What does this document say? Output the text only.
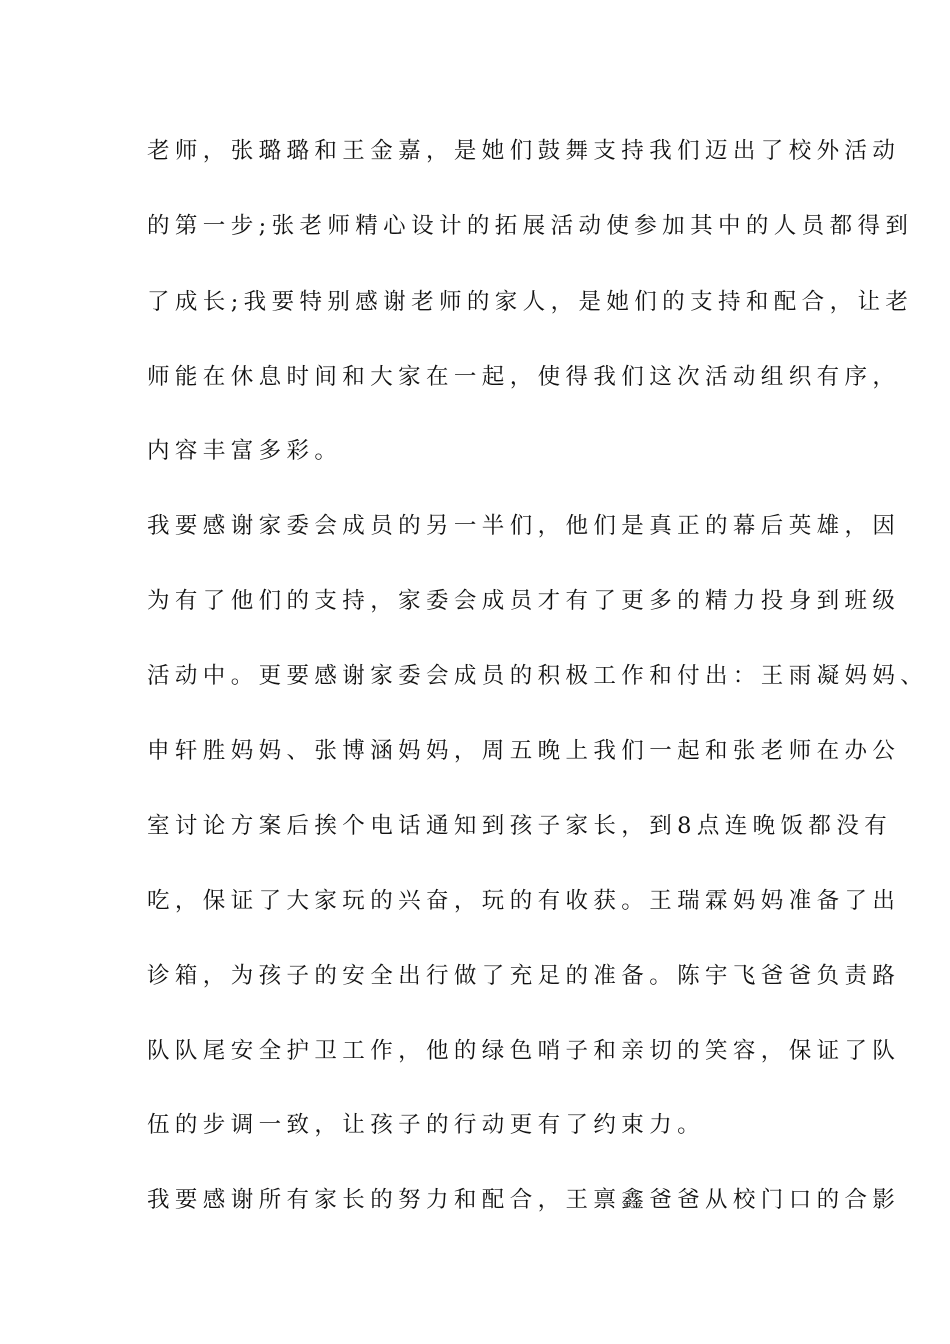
老师，张璐璐和王金嘉，是她们鼓舞支持我们迈出了校外活动
的第一步;张老师精心设计的拓展活动使参加其中的人员都得到
了成长;我要特别感谢老师的家人，是她们的支持和配合，让老
师能在休息时间和大家在一起，使得我们这次活动组织有序，
内容丰富多彩。
我要感谢家委会成员的另一半们，他们是真正的幕后英雄，因
为有了他们的支持，家委会成员才有了更多的精力投身到班级
活动中。更要感谢家委会成员的积极工作和付出：王雨凝妈妈、
申轩胜妈妈、张博涵妈妈，周五晚上我们一起和张老师在办公
室讨论方案后挨个电话通知到孩子家长，到8点连晚饭都没有
吃，保证了大家玩的兴奋，玩的有收获。王瑞霖妈妈准备了出
诊箱，为孩子的安全出行做了充足的准备。陈宇飞爸爸负责路
队队尾安全护卫工作，他的绿色哨子和亲切的笑容，保证了队
伍的步调一致，让孩子的行动更有了约束力。
我要感谢所有家长的努力和配合，王禀鑫爸爸从校门口的合影
